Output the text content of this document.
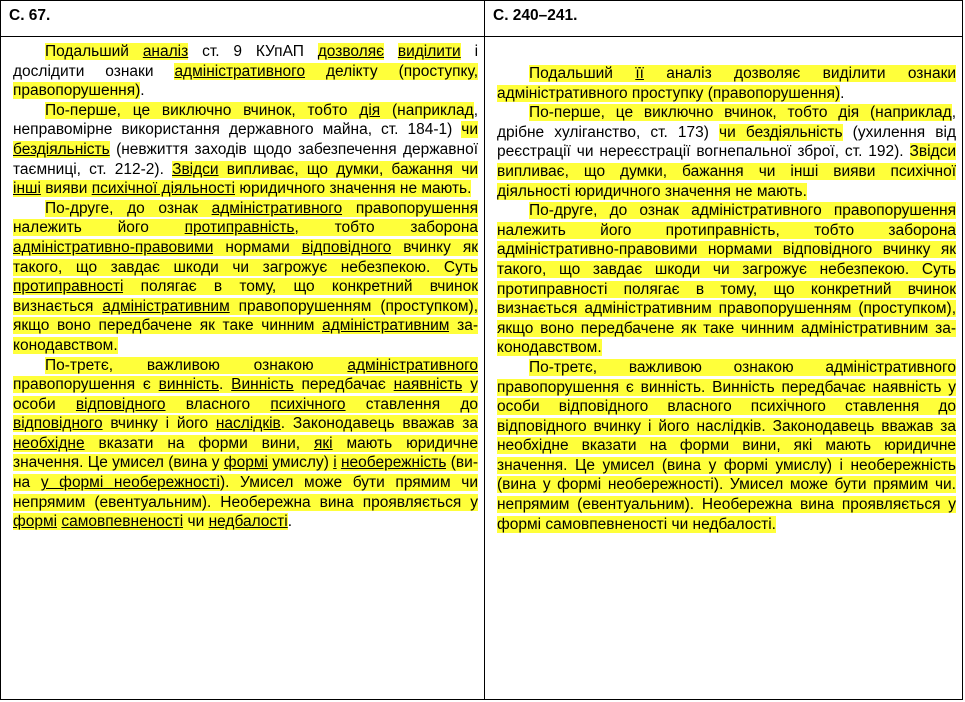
С. 67.

Подальший аналіз ст. 9 КУпАП дозволяє виділити і дослідити ознаки адміністративного делікту (проступку, правопорушення).

По-перше, це виключно вчинок, тобто дія (наприклад, неправомірне використання державного майна, ст. 184-1) чи бездіяльність (невжиття заходів щодо забезпечення державної таємниці, ст. 212-2). Звідси випливає, що думки, бажання чи інші вияви психічної діяльності юридичного значення не мають.

По-друге, до ознак адміністративного правопорушення належить його протиправність, тобто заборона адміністративно-правовими нормами відповідного вчинку як такого, що завдає шкоди чи загрожує небезпекою. Суть протиправності полягає в тому, що конкретний вчинок визнається адміністративним правопорушенням (проступком), якщо воно передбачене як таке чинним адміністративним законодавством.

По-третє, важливою ознакою адміністративного правопорушення є винність. Винність передбачає наявність у особи відповідного власного психічного ставлення до відповідного вчинку і його наслідків. Законодавець вважав за необхідне вказати на форми вини, які мають юридичне значення. Це умисел (вина у формі умислу) і необережність (вина у формі необережності). Умисел може бути прямим чи непрямим (евентуальним). Необережна вина проявляється у формі самовпевненості чи недбалості.

С. 240–241.

Подальший її аналіз дозволяє виділити ознаки адміністративного проступку (правопорушення).

По-перше, це виключно вчинок, тобто дія (наприклад, дрібне хуліганство, ст. 173) чи бездіяльність (ухилення від реєстрації чи нереєстрації вогнепальної зброї, ст. 192). Звідси випливає, що думки, бажання чи інші вияви психічної діяльності юридичного значення не мають.

По-друге, до ознак адміністративного правопорушення належить його протиправність, тобто заборона адміністративно-правовими нормами відповідного вчинку як такого, що завдає шкоди чи загрожує небезпекою. Суть протиправності полягає в тому, що конкретний вчинок визнається адміністративним правопорушенням (проступком), якщо воно передбачене як таке чинним адміністративним законодавством.

По-третє, важливою ознакою адміністративного правопорушення є винність. Винність передбачає наявність у особи відповідного власного психічного ставлення до відповідного вчинку і його наслідків. Законодавець вважав за необхідне вказати на форми вини, які мають юридичне значення. Це умисел (вина у формі умислу) і необережність (вина у формі необережності). Умисел може бути прямим чи. непрямим (евентуальним). Необережна вина проявляється у формі самовпевненості чи недбалості.
